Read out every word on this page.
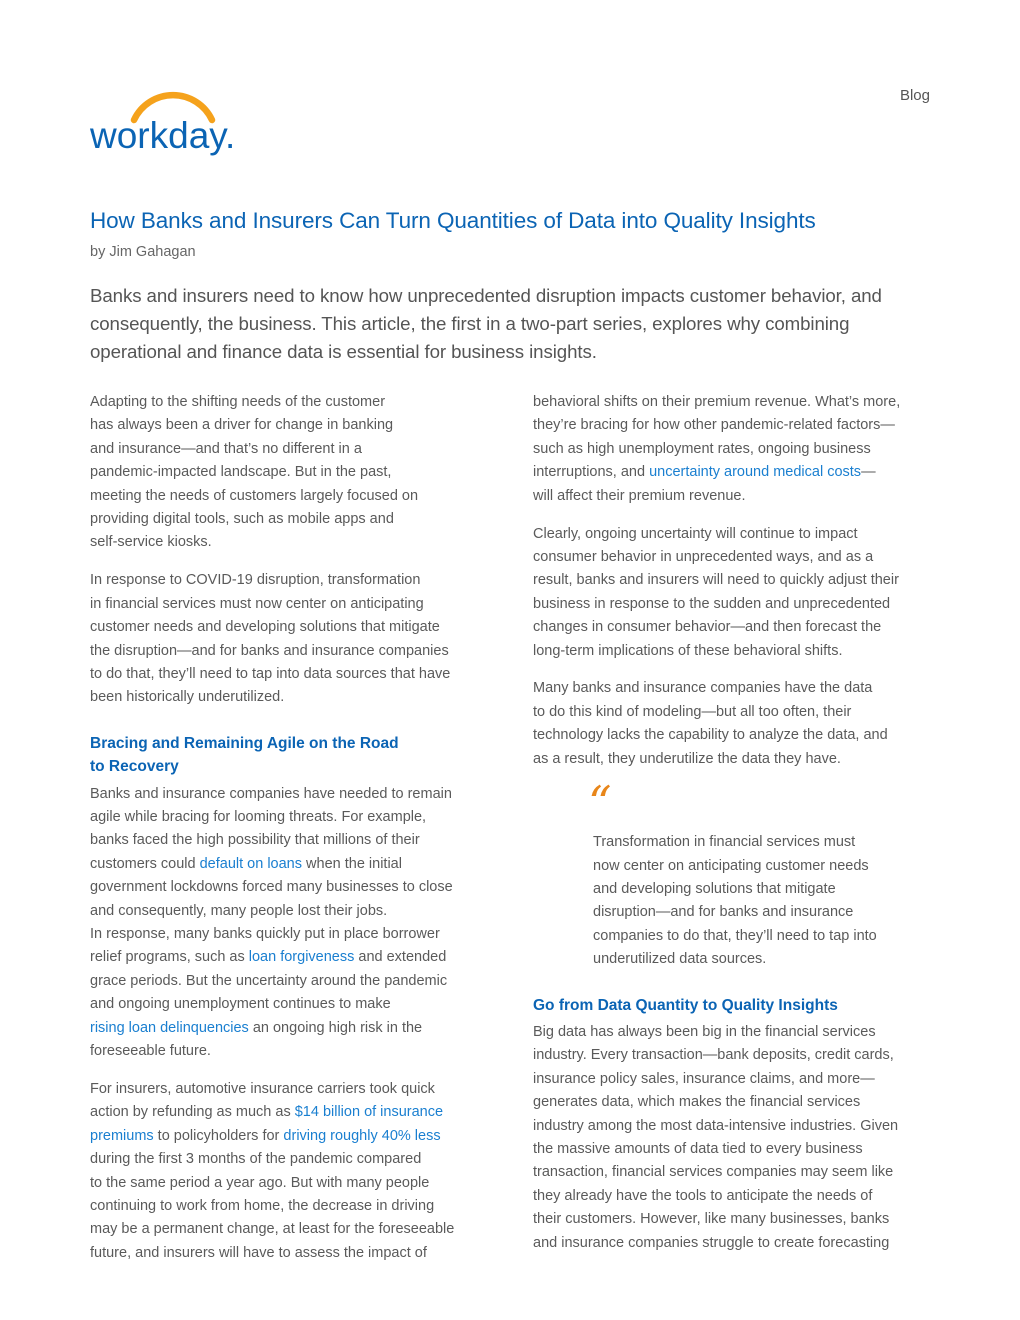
workday.
Blog
How Banks and Insurers Can Turn Quantities of Data into Quality Insights
by Jim Gahagan
Banks and insurers need to know how unprecedented disruption impacts customer behavior, and
consequently, the business. This article, the first in a two-part series, explores why combining
operational and finance data is essential for business insights.

Adapting to the shifting needs of the customer
has always been a driver for change in banking
and insurance—and that’s no different in a
pandemic-impacted landscape. But in the past,
meeting the needs of customers largely focused on
providing digital tools, such as mobile apps and
self-service kiosks.

In response to COVID-19 disruption, transformation
in financial services must now center on anticipating
customer needs and developing solutions that mitigate
the disruption—and for banks and insurance companies
to do that, they’ll need to tap into data sources that have
been historically underutilized.

Bracing and Remaining Agile on the Road
to Recovery

Banks and insurance companies have needed to remain
agile while bracing for looming threats. For example,
banks faced the high possibility that millions of their
customers could default on loans when the initial
government lockdowns forced many businesses to close
and consequently, many people lost their jobs.
In response, many banks quickly put in place borrower
relief programs, such as loan forgiveness and extended
grace periods. But the uncertainty around the pandemic
and ongoing unemployment continues to make
rising loan delinquencies an ongoing high risk in the
foreseeable future.

For insurers, automotive insurance carriers took quick
action by refunding as much as $14 billion of insurance
premiums to policyholders for driving roughly 40% less
during the first 3 months of the pandemic compared
to the same period a year ago. But with many people
continuing to work from home, the decrease in driving
may be a permanent change, at least for the foreseeable
future, and insurers will have to assess the impact of

behavioral shifts on their premium revenue. What’s more,
they’re bracing for how other pandemic-related factors—
such as high unemployment rates, ongoing business
interruptions, and uncertainty around medical costs—
will affect their premium revenue.

Clearly, ongoing uncertainty will continue to impact
consumer behavior in unprecedented ways, and as a
result, banks and insurers will need to quickly adjust their
business in response to the sudden and unprecedented
changes in consumer behavior—and then forecast the
long-term implications of these behavioral shifts.

Many banks and insurance companies have the data
to do this kind of modeling—but all too often, their
technology lacks the capability to analyze the data, and
as a result, they underutilize the data they have.

“

Transformation in financial services must
now center on anticipating customer needs
and developing solutions that mitigate
disruption—and for banks and insurance
companies to do that, they’ll need to tap into
underutilized data sources.

Go from Data Quantity to Quality Insights

Big data has always been big in the financial services
industry. Every transaction—bank deposits, credit cards,
insurance policy sales, insurance claims, and more—
generates data, which makes the financial services
industry among the most data-intensive industries. Given
the massive amounts of data tied to every business
transaction, financial services companies may seem like
they already have the tools to anticipate the needs of
their customers. However, like many businesses, banks
and insurance companies struggle to create forecasting
